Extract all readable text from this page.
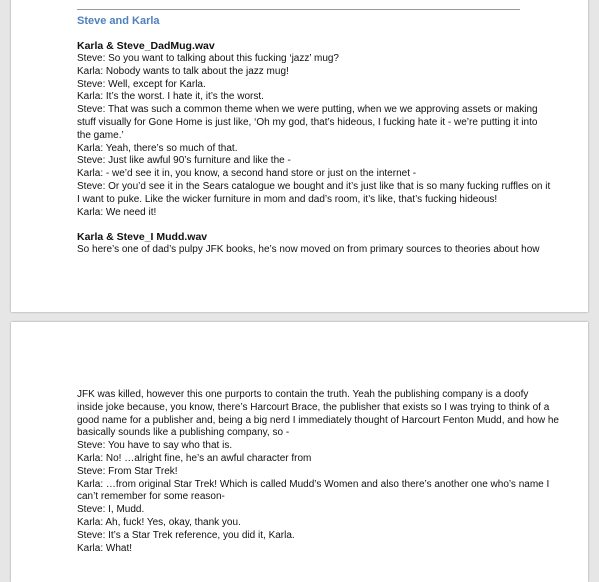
Steve and Karla
Karla & Steve_DadMug.wav
Steve: So you want to talking about this fucking ‘jazz’ mug?
Karla: Nobody wants to talk about the jazz mug!
Steve: Well, except for Karla.
Karla: It’s the worst. I hate it, it’s the worst.
Steve: That was such a common theme when we were putting, when we we approving assets or making
stuff visually for Gone Home is just like, ‘Oh my god, that’s hideous, I fucking hate it - we’re putting it into
the game.’
Karla: Yeah, there’s so much of that.
Steve: Just like awful 90’s furniture and like the -
Karla: - we’d see it in, you know, a second hand store or just on the internet -
Steve: Or you’d see it in the Sears catalogue we bought and it’s just like that is so many fucking ruffles on it
I want to puke. Like the wicker furniture in mom and dad’s room, it’s like, that’s fucking hideous!
Karla: We need it!
Karla & Steve_I Mudd.wav
So here’s one of dad’s pulpy JFK books, he’s now moved on from primary sources to theories about how
JFK was killed, however this one purports to contain the truth. Yeah the publishing company is a doofy
inside joke because, you know, there’s Harcourt Brace, the publisher that exists so I was trying to think of a
good name for a publisher and, being a big nerd I immediately thought of Harcourt Fenton Mudd, and how he
basically sounds like a publishing company, so -
Steve: You have to say who that is.
Karla: No! …alright fine, he’s an awful character from
Steve: From Star Trek!
Karla: …from original Star Trek! Which is called Mudd’s Women and also there’s another one who’s name I
can’t remember for some reason-
Steve: I, Mudd.
Karla: Ah, fuck! Yes, okay, thank you.
Steve: It’s a Star Trek reference, you did it, Karla.
Karla: What!
